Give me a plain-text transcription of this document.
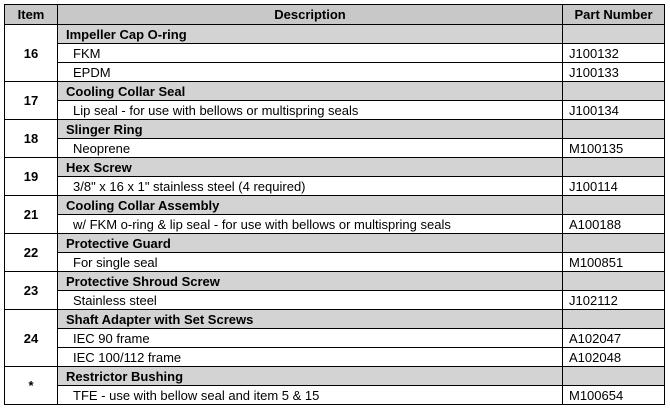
Item	Description	Part Number
16	Impeller Cap O-ring	
	FKM	J100132
	EPDM	J100133
17	Cooling Collar Seal	
	Lip seal - for use with bellows or multispring seals	J100134
18	Slinger Ring	
	Neoprene	M100135
19	Hex Screw	
	3/8" x 16 x 1" stainless steel (4 required)	J100114
21	Cooling Collar Assembly	
	w/ FKM o-ring & lip seal - for use with bellows or multispring seals	A100188
22	Protective Guard	
	For single seal	M100851
23	Protective Shroud Screw	
	Stainless steel	J102112
24	Shaft Adapter with Set Screws	
	IEC 90 frame	A102047
	IEC 100/112 frame	A102048
*	Restrictor Bushing	
	TFE - use with bellow seal and item 5 & 15	M100654
